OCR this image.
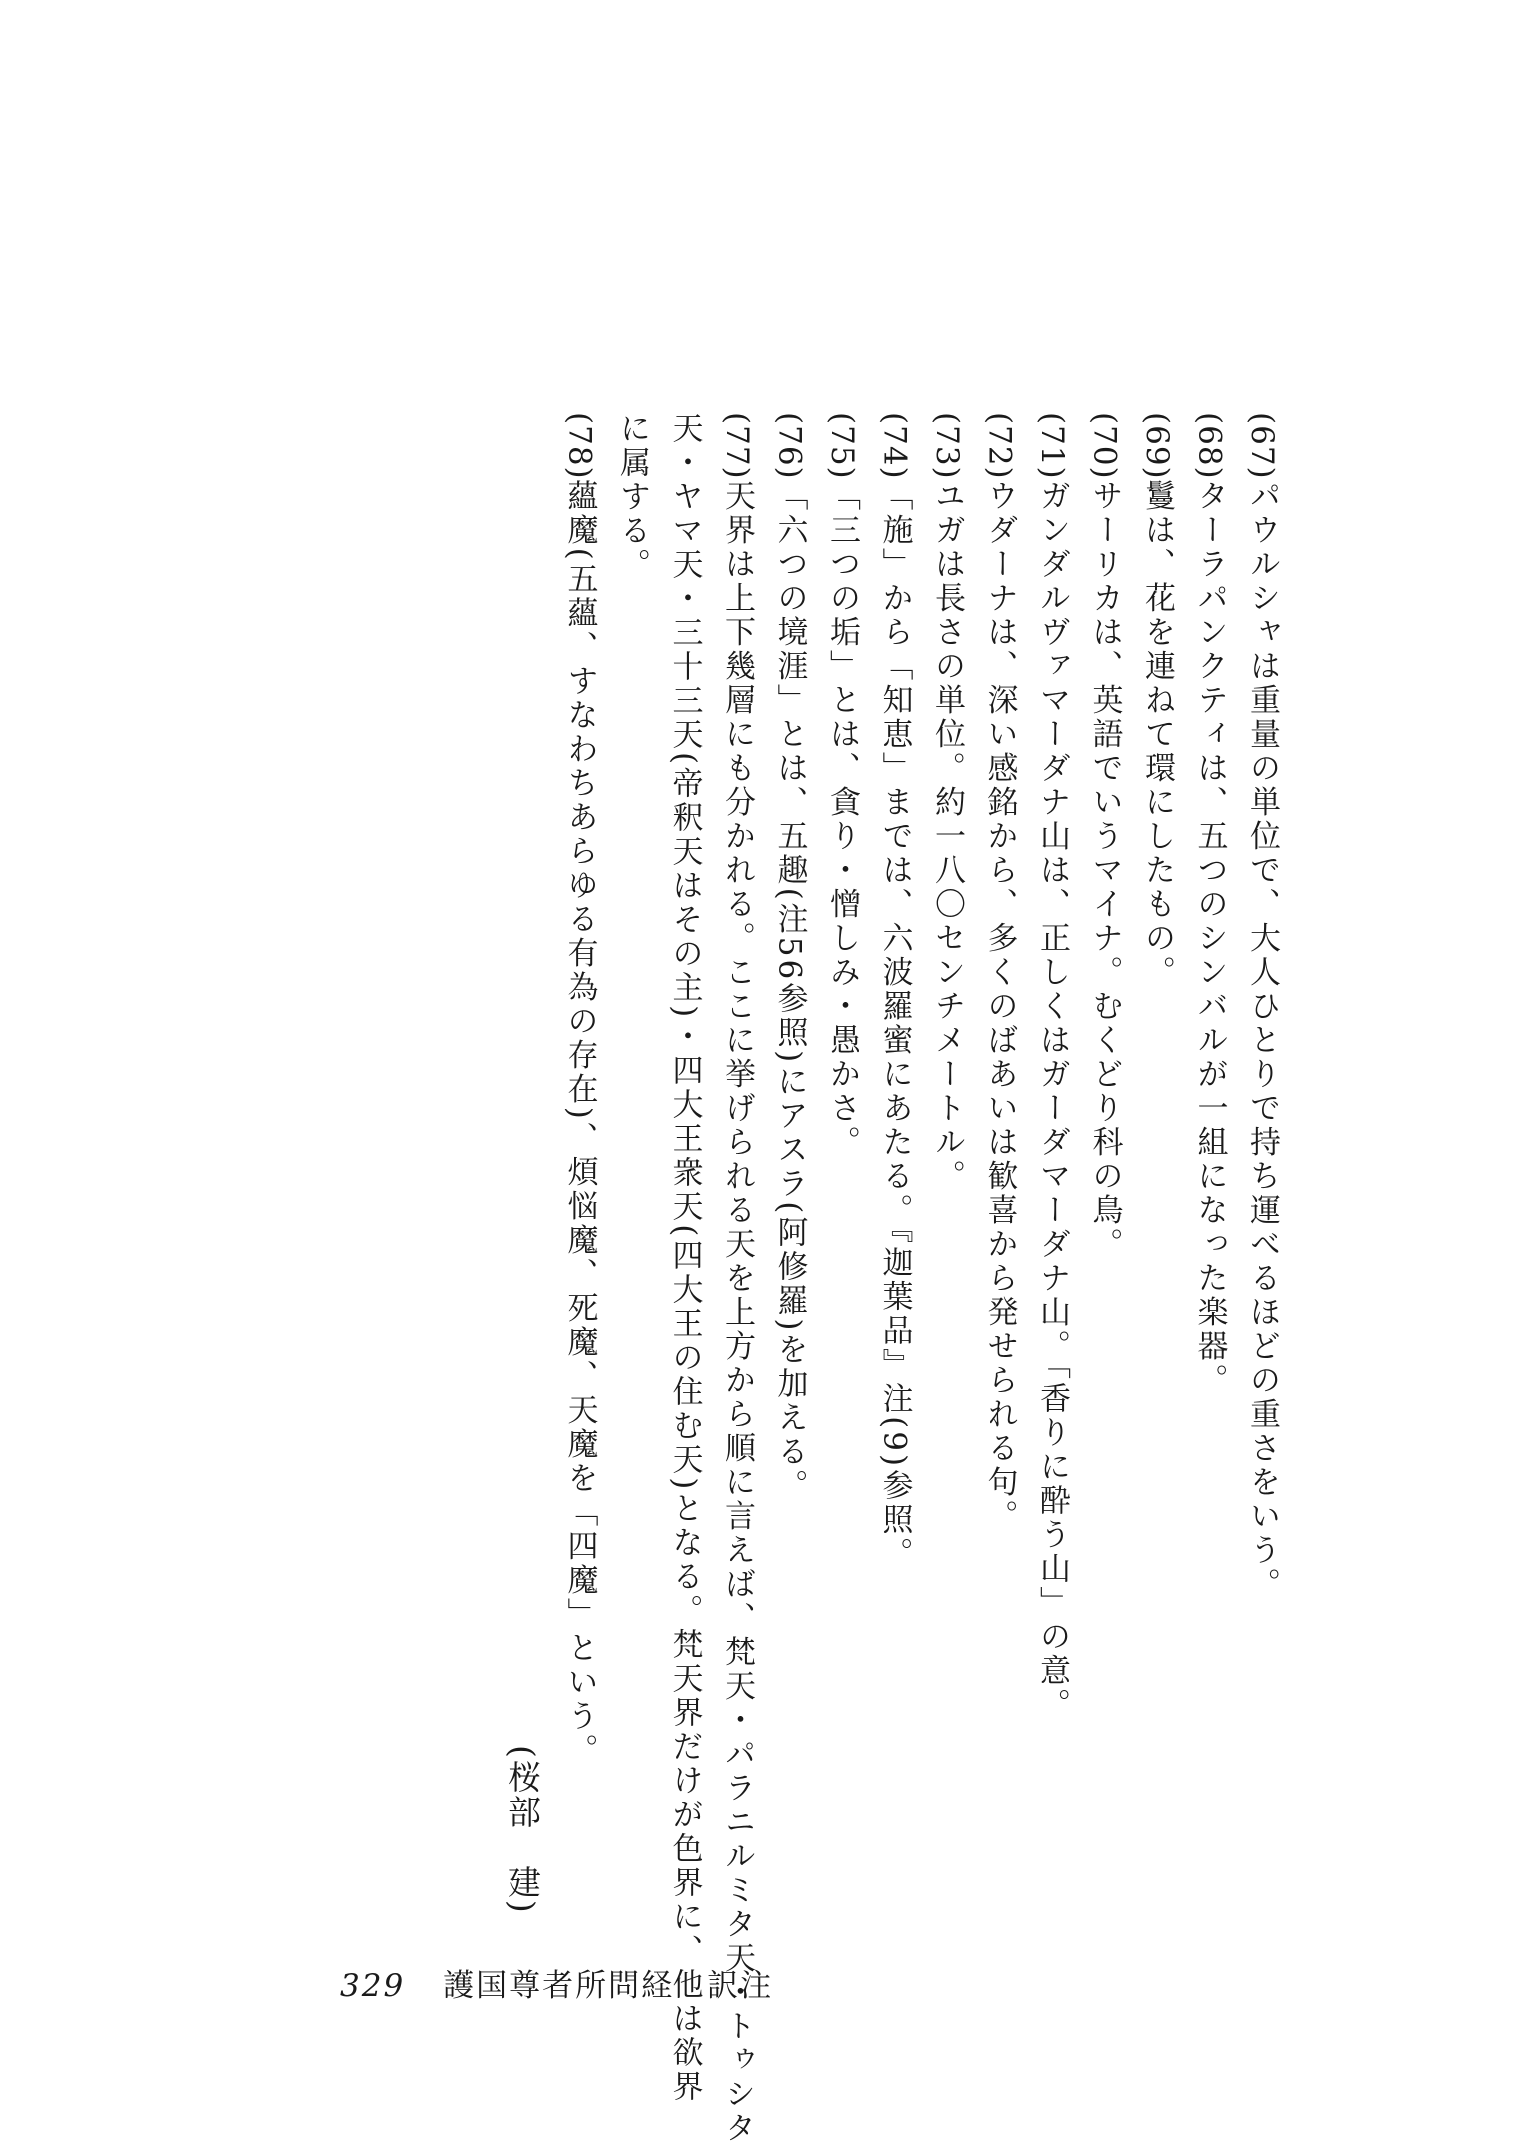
(67)パウルシャは重量の単位で、大人ひとりで持ち運べるほどの重さをいう。
(68)ターラパンクティは、五つのシンバルが一組になった楽器。
(69)鬘は、花を連ねて環にしたもの。
(70)サーリカは、英語でいうマイナ。むくどり科の鳥。
(71)ガンダルヴァマーダナ山は、正しくはガーダマーダナ山。「香りに酔う山」の意。
(72)ウダーナは、深い感銘から、多くのばあいは歓喜から発せられる句。
(73)ユガは長さの単位。約一八〇センチメートル。
(74)「施」から「知恵」までは、六波羅蜜にあたる。『迦葉品』注(9)参照。
(75)「三つの垢」とは、貪り・憎しみ・愚かさ。
(76)「六つの境涯」とは、五趣(注56参照)にアスラ(阿修羅)を加える。
(77)天界は上下幾層にも分かれる。ここに挙げられる天を上方から順に言えば、梵天・パラニルミタ天・トゥシタ
天・ヤマ天・三十三天(帝釈天はその主)・四大王衆天(四大王の住む天)となる。梵天界だけが色界に、他は欲界
に属する。
(78)蘊魔(五蘊、すなわちあらゆる有為の存在)、煩悩魔、死魔、天魔を「四魔」という。
(桜部　建)
329 護国尊者所問経　訳注
